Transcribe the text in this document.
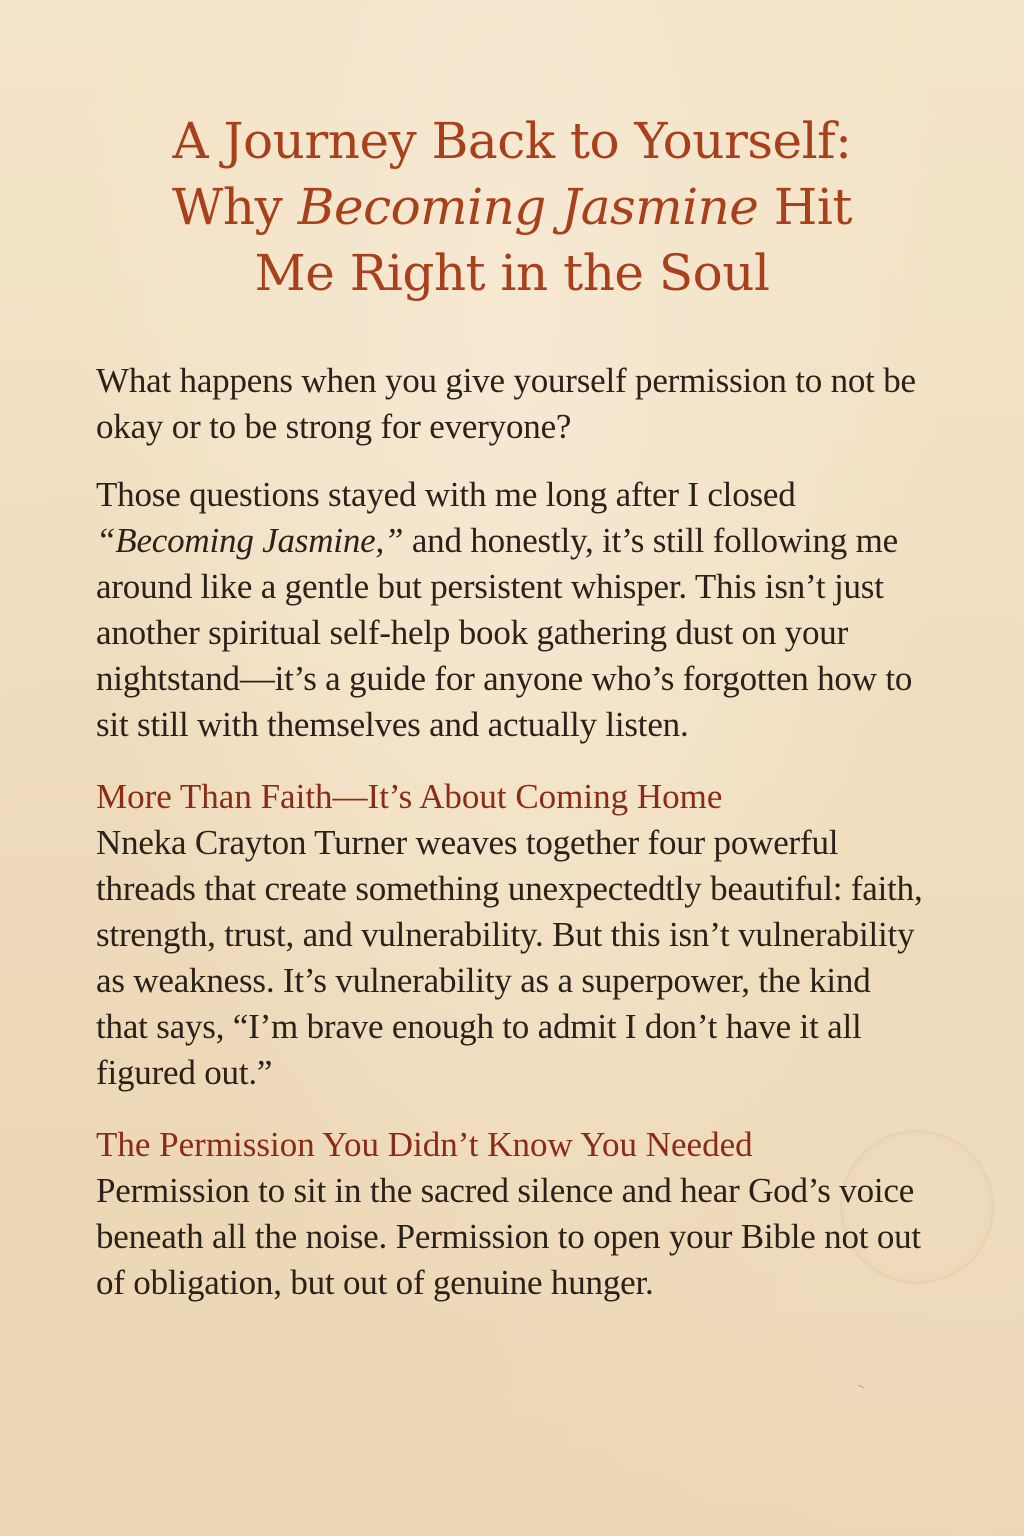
A Journey Back to Yourself:
Why Becoming Jasmine Hit
Me Right in the Soul

What happens when you give yourself permission to not be okay or to be strong for everyone?

Those questions stayed with me long after I closed “Becoming Jasmine,” and honestly, it’s still following me around like a gentle but persistent whisper. This isn’t just another spiritual self-help book gathering dust on your nightstand—it’s a guide for anyone who’s forgotten how to sit still with themselves and actually listen.

More Than Faith—It’s About Coming Home

Nneka Crayton Turner weaves together four powerful threads that create something unexpectedtly beautiful: faith, strength, trust, and vulnerability. But this isn’t vulnerability as weakness. It’s vulnerability as a superpower, the kind that says, “I’m brave enough to admit I don’t have it all figured out.”

The Permission You Didn’t Know You Needed

Permission to sit in the sacred silence and hear God’s voice beneath all the noise. Permission to open your Bible not out of obligation, but out of genuine hunger.
